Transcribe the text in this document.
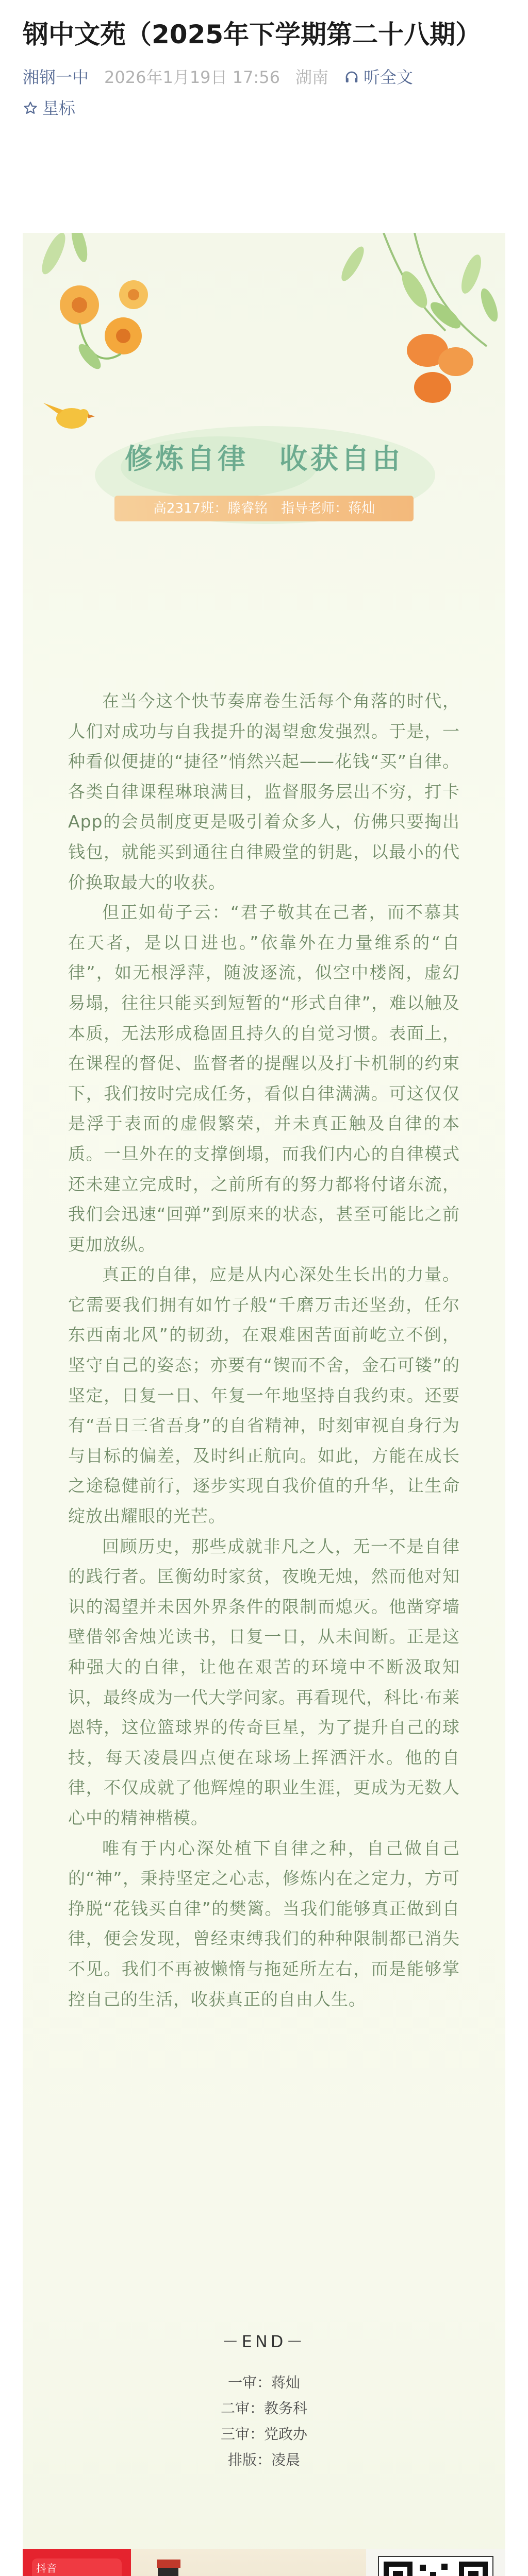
钢中文苑（2025年下学期第二十八期）
湘钢一中 2026年1月19日 17:56 湖南 听全文
星标
修炼自律　收获自由
高2317班：滕睿铭　指导老师：蒋灿

在当今这个快节奏席卷生活每个角落的时代，人们对成功与自我提升的渴望愈发强烈。于是，一种看似便捷的“捷径”悄然兴起——花钱“买”自律。各类自律课程琳琅满目，监督服务层出不穷，打卡App的会员制度更是吸引着众多人，仿佛只要掏出钱包，就能买到通往自律殿堂的钥匙，以最小的代价换取最大的收获。

但正如荀子云：“君子敬其在己者，而不慕其在天者，是以日进也。”依靠外在力量维系的“自律”，如无根浮萍，随波逐流，似空中楼阁，虚幻易塌，往往只能买到短暂的“形式自律”，难以触及本质，无法形成稳固且持久的自觉习惯。表面上，在课程的督促、监督者的提醒以及打卡机制的约束下，我们按时完成任务，看似自律满满。可这仅仅是浮于表面的虚假繁荣，并未真正触及自律的本质。一旦外在的支撑倒塌，而我们内心的自律模式还未建立完成时，之前所有的努力都将付诸东流，我们会迅速“回弹”到原来的状态，甚至可能比之前更加放纵。

真正的自律，应是从内心深处生长出的力量。它需要我们拥有如竹子般“千磨万击还坚劲，任尔东西南北风”的韧劲，在艰难困苦面前屹立不倒，坚守自己的姿态；亦要有“锲而不舍，金石可镂”的坚定，日复一日、年复一年地坚持自我约束。还要有“吾日三省吾身”的自省精神，时刻审视自身行为与目标的偏差，及时纠正航向。如此，方能在成长之途稳健前行，逐步实现自我价值的升华，让生命绽放出耀眼的光芒。

回顾历史，那些成就非凡之人，无一不是自律的践行者。匡衡幼时家贫，夜晚无烛，然而他对知识的渴望并未因外界条件的限制而熄灭。他凿穿墙壁借邻舍烛光读书，日复一日，从未间断。正是这种强大的自律，让他在艰苦的环境中不断汲取知识，最终成为一代大学问家。再看现代，科比·布莱恩特，这位篮球界的传奇巨星，为了提升自己的球技，每天凌晨四点便在球场上挥洒汗水。他的自律，不仅成就了他辉煌的职业生涯，更成为无数人心中的精神楷模。

唯有于内心深处植下自律之种，自己做自己的“神”，秉持坚定之心志，修炼内在之定力，方可挣脱“花钱买自律”的樊篱。当我们能够真正做到自律，便会发现，曾经束缚我们的种种限制都已消失不见。我们不再被懒惰与拖延所左右，而是能够掌控自己的生活，收获真正的自由人生。

－END－
一审：蒋灿
二审：教务科
三审：党政办
排版：凌晨
抖音
